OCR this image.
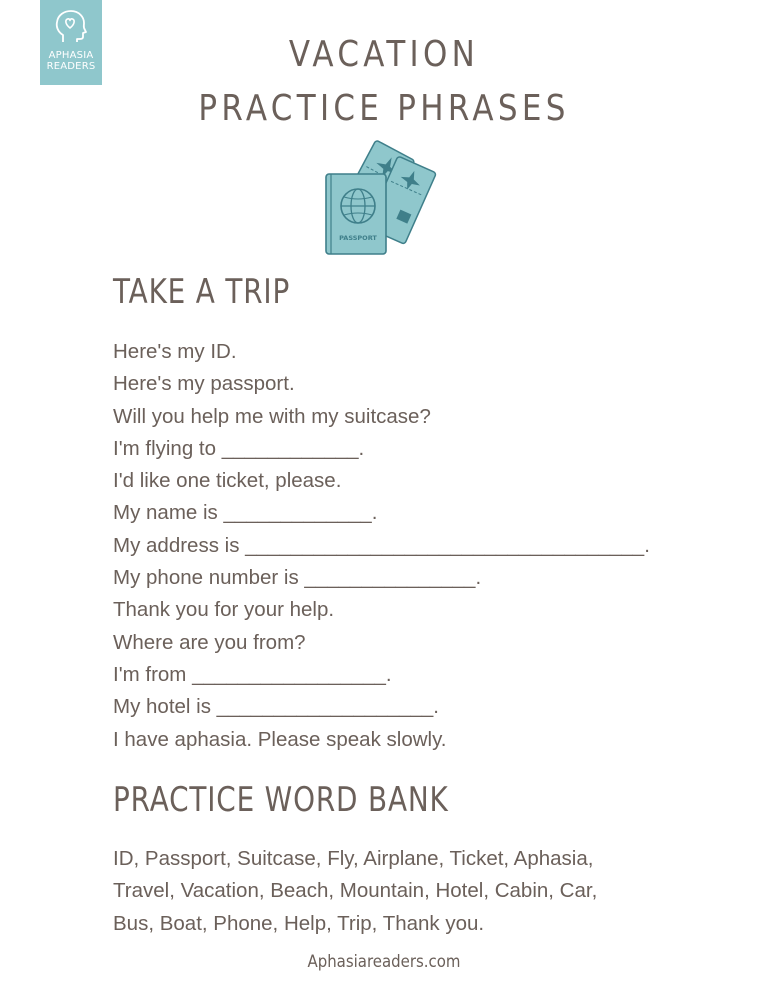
APHASIA
READERS	VACATION
PRACTICE PHRASES
PASSPORT
TAKE A TRIP
Here's my ID.
Here's my passport.
Will you help me with my suitcase?
I'm flying to ____________.
I'd like one ticket, please.
My name is _____________.
My address is ___________________________________.
My phone number is _______________.
Thank you for your help.
Where are you from?
I'm from _________________.
My hotel is ___________________.
I have aphasia. Please speak slowly.
PRACTICE WORD BANK
ID, Passport, Suitcase, Fly, Airplane, Ticket, Aphasia,
Travel, Vacation, Beach, Mountain, Hotel, Cabin, Car,
Bus, Boat, Phone, Help, Trip, Thank you.
Aphasiareaders.com
